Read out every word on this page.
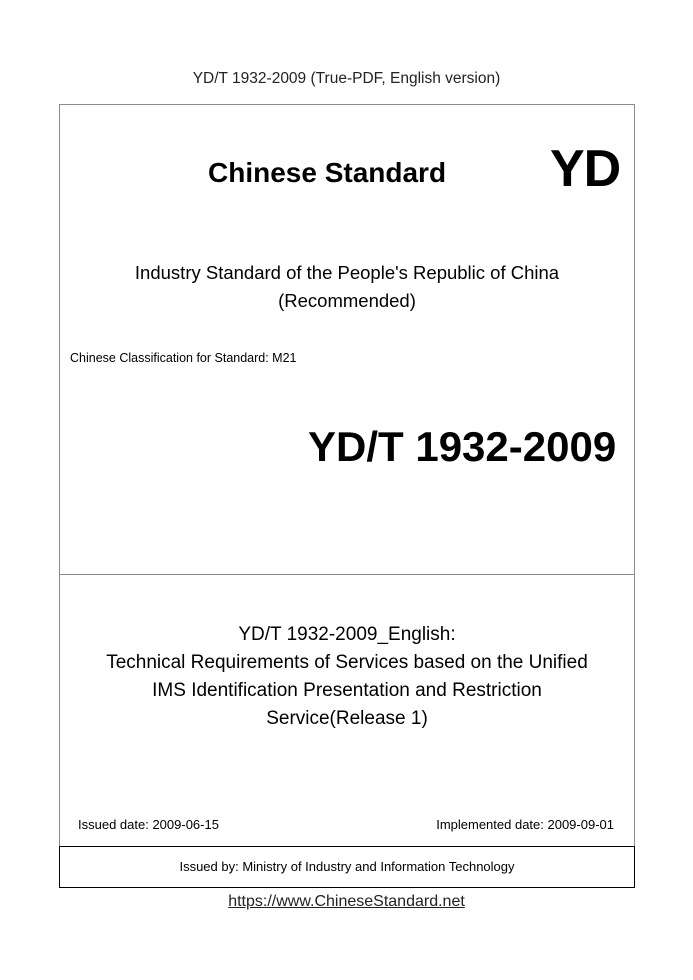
YD/T 1932-2009 (True-PDF, English version)
Chinese Standard YD
Industry Standard of the People's Republic of China
(Recommended)
Chinese Classification for Standard: M21
YD/T 1932-2009
YD/T 1932-2009_English:
Technical Requirements of Services based on the Unified
IMS Identification Presentation and Restriction
Service(Release 1)
Issued date: 2009-06-15	Implemented date: 2009-09-01
Issued by: Ministry of Industry and Information Technology
https://www.ChineseStandard.net
